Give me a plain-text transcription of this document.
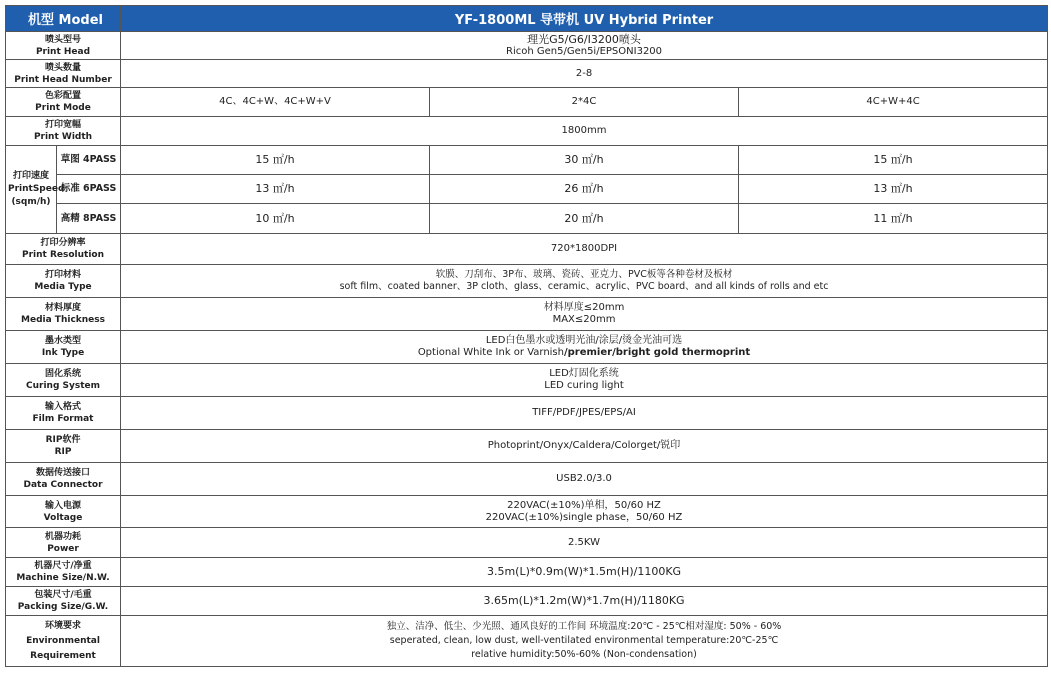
机型 Model		YF-1800ML 导带机 UV Hybrid Printer		

喷头型号
Print Head		理光G5/G6/I3200喷头
Ricoh Gen5/Gen5i/EPSONI3200		

喷头数量
Print Head Number		2-8		

色彩配置
Print Mode		4C、4C+W、4C+W+V	2*4C	4C+W+4C

打印宽幅
Print Width		1800mm		

打印速度
PrintSpeed
(sqm/h)	草图 4PASS	15 ㎡/h	30 ㎡/h	15 ㎡/h
	标准 6PASS	13 ㎡/h	26 ㎡/h	13 ㎡/h
	高精 8PASS	10 ㎡/h	20 ㎡/h	11 ㎡/h

打印分辨率
Print Resolution		720*1800DPI		

打印材料
Media Type		软膜、刀刮布、3P布、玻璃、瓷砖、亚克力、PVC板等各种卷材及板材
soft film、coated banner、3P cloth、glass、ceramic、acrylic、PVC board、and all kinds of rolls and etc		

材料厚度
Media Thickness		材料厚度≤20mm
MAX≤20mm		

墨水类型
Ink Type		LED白色墨水或透明光油/涂层/烫金光油可选
Optional White Ink or Varnish/premier/bright gold thermoprint		

固化系统
Curing System		LED灯固化系统
LED curing light		

输入格式
Film Format		TIFF/PDF/JPES/EPS/AI		

RIP软件
RIP		Photoprint/Onyx/Caldera/Colorget/锐印		

数据传送接口
Data Connector		USB2.0/3.0		

输入电源
Voltage		220VAC(±10%)单相，50/60 HZ
220VAC(±10%)single phase，50/60 HZ		

机器功耗
Power		2.5KW		

机器尺寸/净重
Machine Size/N.W.		3.5m(L)*0.9m(W)*1.5m(H)/1100KG		

包装尺寸/毛重
Packing Size/G.W.		3.65m(L)*1.2m(W)*1.7m(H)/1180KG		

环境要求
Environmental
Requirement		独立、洁净、低尘、少光照、通风良好的工作间 环境温度:20℃ - 25℃相对湿度: 50% - 60%
seperated, clean, low dust, well-ventilated environmental temperature:20℃-25℃
relative humidity:50%-60% (Non-condensation)		
